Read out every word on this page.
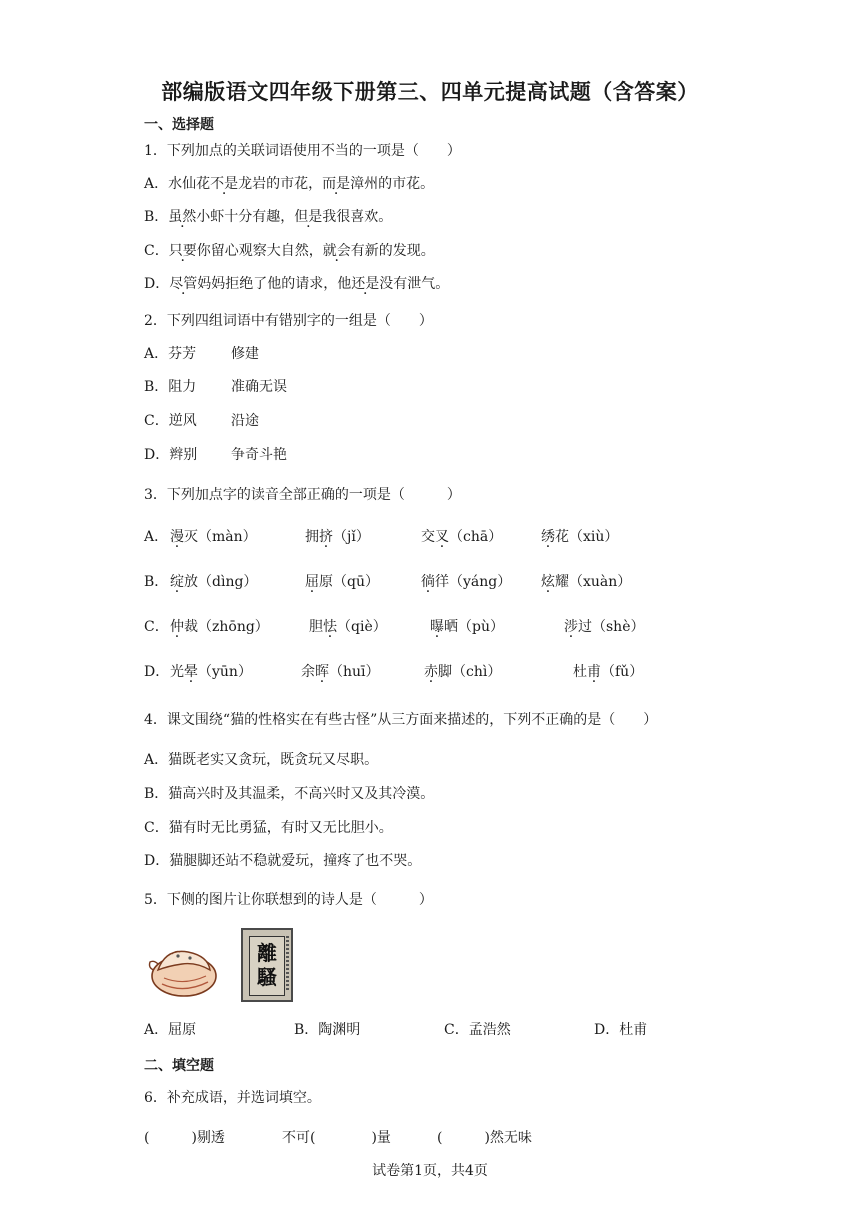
部编版语文四年级下册第三、四单元提高试题（含答案）
一、选择题
1．下列加点的关联词语使用不当的一项是（　　）
A．水仙花不是龙岩的市花，而是漳州的市花。
B．虽然小虾十分有趣，但是我很喜欢。
C．只要你留心观察大自然，就会有新的发现。
D．尽管妈妈拒绝了他的请求，他还是没有泄气。
2．下列四组词语中有错别字的一组是（　　）
A．芬芳 修建
B．阻力 准确无误
C．逆风 沿途
D．辫别 争奇斗艳
3．下列加点字的读音全部正确的一项是（　　　）
A． 漫灭（màn）	拥挤（jǐ）	交叉（chā）	绣花（xiù）
B． 绽放（dìng）	屈原（qū）	徜徉（yáng） 炫耀（xuàn）
C． 仲裁（zhōng）	胆怯（qiè）	曝晒（pù）	涉过（shè）
D． 光晕（yūn）	余晖（huī）	赤脚（chì）	杜甫（fǔ）
4．课文围绕“猫的性格实在有些古怪”从三方面来描述的，下列不正确的是（　　）
A．猫既老实又贪玩，既贪玩又尽职。
B．猫高兴时及其温柔，不高兴时又及其冷漠。
C．猫有时无比勇猛，有时又无比胆小。
D．猫腿脚还站不稳就爱玩，撞疼了也不哭。
5．下侧的图片让你联想到的诗人是（　　　）
離
騷
A．屈原	B．陶渊明	C．孟浩然	D．杜甫
二、填空题
6．补充成语，并选词填空。
(　　　)剔透	不可(　　　　)量	(　　　)然无味
试卷第1页，共4页
